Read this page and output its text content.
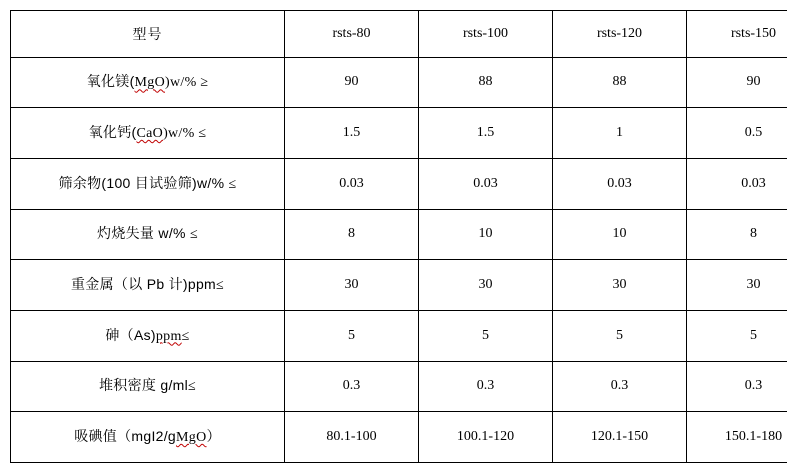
型号	rsts-80	rsts-100	rsts-120	rsts-150
氧化镁(MgO)w/% ≥	90	88	88	90
氧化钙(CaO)w/% ≤	1.5	1.5	1	0.5
筛余物(100 目试验筛)w/% ≤	0.03	0.03	0.03	0.03
灼烧失量 w/% ≤	8	10	10	8
重金属（以 Pb 计)ppm≤	30	30	30	30
砷（As)ppm≤	5	5	5	5
堆积密度 g/ml≤	0.3	0.3	0.3	0.3
吸碘值（mgI2/gMgO）	80.1-100	100.1-120	120.1-150	150.1-180
